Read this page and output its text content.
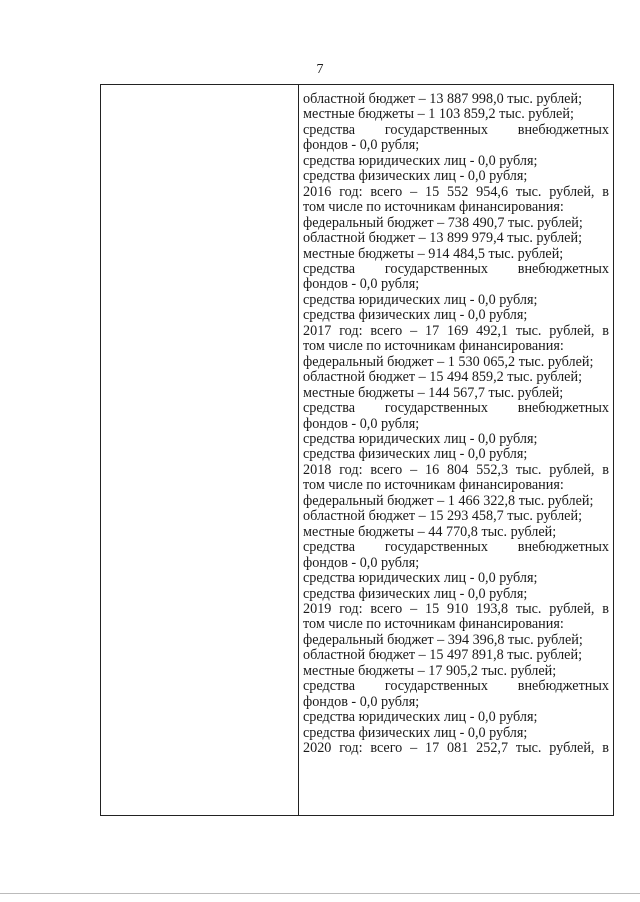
7
областной бюджет – 13 887 998,0 тыс. рублей;
местные бюджеты – 1 103 859,2 тыс. рублей;
средства государственных внебюджетных
фондов - 0,0 рубля;
средства юридических лиц - 0,0 рубля;
средства физических лиц - 0,0 рубля;
2016 год: всего – 15 552 954,6 тыс. рублей, в
том числе по источникам финансирования:
федеральный бюджет – 738 490,7 тыс. рублей;
областной бюджет – 13 899 979,4 тыс. рублей;
местные бюджеты – 914 484,5 тыс. рублей;
средства государственных внебюджетных
фондов - 0,0 рубля;
средства юридических лиц - 0,0 рубля;
средства физических лиц - 0,0 рубля;
2017 год: всего – 17 169 492,1 тыс. рублей, в
том числе по источникам финансирования:
федеральный бюджет – 1 530 065,2 тыс. рублей;
областной бюджет – 15 494 859,2 тыс. рублей;
местные бюджеты – 144 567,7 тыс. рублей;
средства государственных внебюджетных
фондов - 0,0 рубля;
средства юридических лиц - 0,0 рубля;
средства физических лиц - 0,0 рубля;
2018 год: всего – 16 804 552,3 тыс. рублей, в
том числе по источникам финансирования:
федеральный бюджет – 1 466 322,8 тыс. рублей;
областной бюджет – 15 293 458,7 тыс. рублей;
местные бюджеты – 44 770,8 тыс. рублей;
средства государственных внебюджетных
фондов - 0,0 рубля;
средства юридических лиц - 0,0 рубля;
средства физических лиц - 0,0 рубля;
2019 год: всего – 15 910 193,8 тыс. рублей, в
том числе по источникам финансирования:
федеральный бюджет – 394 396,8 тыс. рублей;
областной бюджет – 15 497 891,8 тыс. рублей;
местные бюджеты – 17 905,2 тыс. рублей;
средства государственных внебюджетных
фондов - 0,0 рубля;
средства юридических лиц - 0,0 рубля;
средства физических лиц - 0,0 рубля;
2020 год: всего – 17 081 252,7 тыс. рублей, в
